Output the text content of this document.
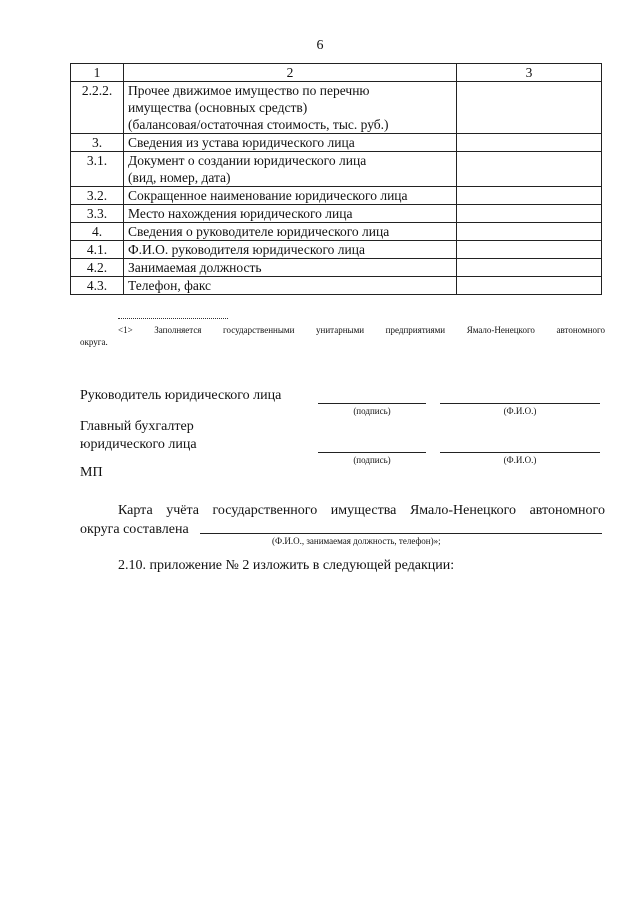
6
1	2	3
2.2.2.	Прочее движимое имущество по перечню
имущества (основных средств)
(балансовая/остаточная стоимость, тыс. руб.)	

3.	Сведения из устава юридического лица	

3.1.	Документ о создании юридического лица
(вид, номер, дата)	

3.2.	Сокращенное наименование юридического лица	

3.3.	Место нахождения юридического лица	

4.	Сведения о руководителе юридического лица	

4.1.	Ф.И.О. руководителя юридического лица	

4.2.	Занимаемая должность	

4.3.	Телефон, факс	

<1> Заполняется государственными унитарными предприятиями Ямало-Ненецкого автономного
округа.
Руководитель юридического лица
(подпись)	(Ф.И.О.)
Главный бухгалтер
юридического лица
(подпись)	(Ф.И.О.)
МП
Карта учёта государственного имущества Ямало-Ненецкого автономного
округа составлена
(Ф.И.О., занимаемая должность, телефон)»;
2.10. приложение № 2 изложить в следующей редакции:
